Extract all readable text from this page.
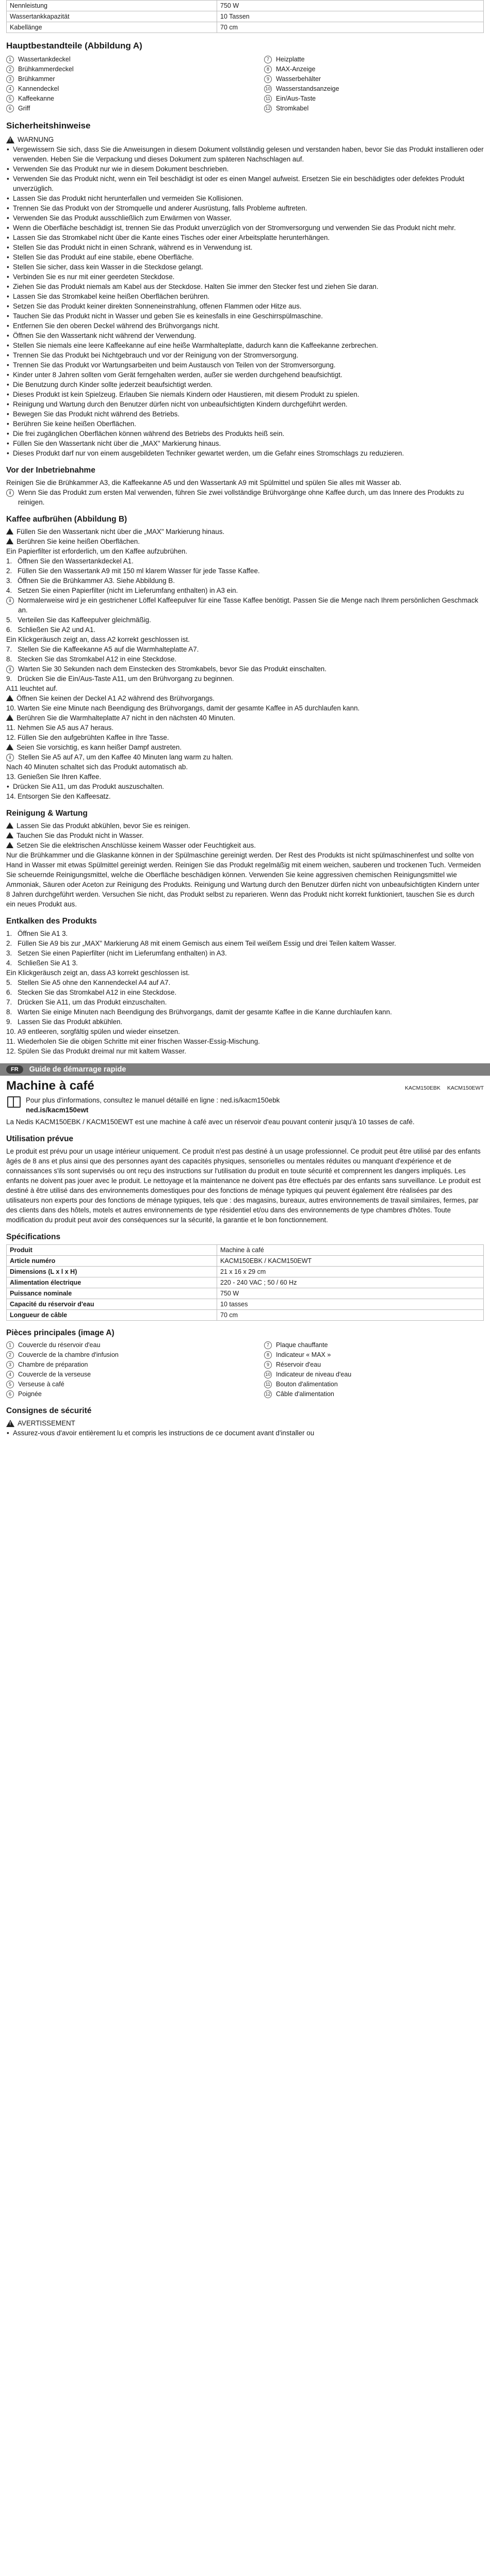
Nennleistung	750 W
Wassertankkapazität	10 Tassen
Kabellänge	70 cm
Hauptbestandteile (Abbildung A)
1	Wassertankdeckel	7	Heizplatte
2	Brühkammerdeckel	8	MAX-Anzeige
3	Brühkammer	9	Wasserbehälter
4	Kannendeckel	10 Wasserstandsanzeige
5	Kaffeekanne	11 Ein/Aus-Taste
6	Griff	12 Stromkabel
Sicherheitshinweise
! WARNUNG
• Vergewissern Sie sich, dass Sie die Anweisungen in diesem Dokument vollständig gelesen und verstanden haben, bevor Sie das Produkt installieren oder verwenden. Heben Sie die Verpackung und dieses Dokument zum späteren Nachschlagen auf.
• Verwenden Sie das Produkt nur wie in diesem Dokument beschrieben.
• Verwenden Sie das Produkt nicht, wenn ein Teil beschädigt ist oder es einen Mangel aufweist. Ersetzen Sie ein beschädigtes oder defektes Produkt unverzüglich.
• Lassen Sie das Produkt nicht herunterfallen und vermeiden Sie Kollisionen.
• Trennen Sie das Produkt von der Stromquelle und anderer Ausrüstung, falls Probleme auftreten.
• Verwenden Sie das Produkt ausschließlich zum Erwärmen von Wasser.
• Wenn die Oberfläche beschädigt ist, trennen Sie das Produkt unverzüglich von der Stromversorgung und verwenden Sie das Produkt nicht mehr.
• Lassen Sie das Stromkabel nicht über die Kante eines Tisches oder einer Arbeitsplatte herunterhängen.
• Stellen Sie das Produkt nicht in einen Schrank, während es in Verwendung ist.
• Stellen Sie das Produkt auf eine stabile, ebene Oberfläche.
• Stellen Sie sicher, dass kein Wasser in die Steckdose gelangt.
• Verbinden Sie es nur mit einer geerdeten Steckdose.
• Ziehen Sie das Produkt niemals am Kabel aus der Steckdose. Halten Sie immer den Stecker fest und ziehen Sie daran.
• Lassen Sie das Stromkabel keine heißen Oberflächen berühren.
• Setzen Sie das Produkt keiner direkten Sonneneinstrahlung, offenen Flammen oder Hitze aus.
• Tauchen Sie das Produkt nicht in Wasser und geben Sie es keinesfalls in eine Geschirrspülmaschine.
• Entfernen Sie den oberen Deckel während des Brühvorgangs nicht.
• Öffnen Sie den Wassertank nicht während der Verwendung.
• Stellen Sie niemals eine leere Kaffeekanne auf eine heiße Warmhalteplatte, dadurch kann die Kaffeekanne zerbrechen.
• Trennen Sie das Produkt bei Nichtgebrauch und vor der Reinigung von der Stromversorgung.
• Trennen Sie das Produkt vor Wartungsarbeiten und beim Austausch von Teilen von der Stromversorgung.
• Kinder unter 8 Jahren sollten vom Gerät ferngehalten werden, außer sie werden durchgehend beaufsichtigt.
• Die Benutzung durch Kinder sollte jederzeit beaufsichtigt werden.
• Dieses Produkt ist kein Spielzeug. Erlauben Sie niemals Kindern oder Haustieren, mit diesem Produkt zu spielen.
• Reinigung und Wartung durch den Benutzer dürfen nicht von unbeaufsichtigten Kindern durchgeführt werden.
• Bewegen Sie das Produkt nicht während des Betriebs.
• Berühren Sie keine heißen Oberflächen.
• Die frei zugänglichen Oberflächen können während des Betriebs des Produkts heiß sein.
• Füllen Sie den Wassertank nicht über die „MAX" Markierung hinaus.
• Dieses Produkt darf nur von einem ausgebildeten Techniker gewartet werden, um die Gefahr eines Stromschlags zu reduzieren.
Vor der Inbetriebnahme

Reinigen Sie die Brühkammer A3, die Kaffeekanne A5 und den Wassertank A9 mit Spülmittel und spülen Sie alles mit Wasser ab.

i	Wenn Sie das Produkt zum ersten Mal verwenden, führen Sie zwei vollständige Brühvorgänge ohne Kaffee durch, um das Innere des Produkts zu reinigen.
Kaffee aufbrühen (Abbildung B)
Füllen Sie den Wassertank nicht über die „MAX" Markierung hinaus.
Berühren Sie keine heißen Oberflächen.

Ein Papierfilter ist erforderlich, um den Kaffee aufzubrühen.

1. Öffnen Sie den Wassertankdeckel A1.
2. Füllen Sie den Wassertank A9 mit 150 ml klarem Wasser für jede Tasse Kaffee.
3. Öffnen Sie die Brühkammer A3. Siehe Abbildung B.
4. Setzen Sie einen Papierfilter (nicht im Lieferumfang enthalten) in A3 ein.
i	Normalerweise wird je ein gestrichener Löffel Kaffeepulver für eine Tasse Kaffee benötigt. Passen Sie die Menge nach Ihrem persönlichen Geschmack an.
5. Verteilen Sie das Kaffeepulver gleichmäßig.
6. Schließen Sie A2 und A1.

Ein Klickgeräusch zeigt an, dass A2 korrekt geschlossen ist.

7. Stellen Sie die Kaffeekanne A5 auf die Warmhalteplatte A7.
8. Stecken Sie das Stromkabel A12 in eine Steckdose.
i	Warten Sie 30 Sekunden nach dem Einstecken des Stromkabels, bevor Sie das Produkt einschalten.
9. Drücken Sie die Ein/Aus-Taste A11, um den Brühvorgang zu beginnen.

A11 leuchtet auf.

Öffnen Sie keinen der Deckel A1 A2 während des Brühvorgangs.
10. Warten Sie eine Minute nach Beendigung des Brühvorgangs, damit der gesamte Kaffee in A5 durchlaufen kann.
Berühren Sie die Warmhalteplatte A7 nicht in den nächsten 40 Minuten.
11. Nehmen Sie A5 aus A7 heraus.
12. Füllen Sie den aufgebrühten Kaffee in Ihre Tasse.
Seien Sie vorsichtig, es kann heißer Dampf austreten.
i	Stellen Sie A5 auf A7, um den Kaffee 40 Minuten lang warm zu halten.

Nach 40 Minuten schaltet sich das Produkt automatisch ab.

13. Genießen Sie Ihren Kaffee.
• Drücken Sie A11, um das Produkt auszuschalten.
14. Entsorgen Sie den Kaffeesatz.
Reinigung & Wartung
Lassen Sie das Produkt abkühlen, bevor Sie es reinigen.
Tauchen Sie das Produkt nicht in Wasser.
Setzen Sie die elektrischen Anschlüsse keinem Wasser oder Feuchtigkeit aus.

Nur die Brühkammer und die Glaskanne können in der Spülmaschine gereinigt werden. Der Rest des Produkts ist nicht spülmaschinenfest und sollte von Hand in Wasser mit etwas Spülmittel gereinigt werden. Reinigen Sie das Produkt regelmäßig mit einem weichen, sauberen und trockenen Tuch. Vermeiden Sie scheuernde Reinigungsmittel, welche die Oberfläche beschädigen können. Verwenden Sie keine aggressiven chemischen Reinigungsmittel wie Ammoniak, Säuren oder Aceton zur Reinigung des Produkts. Reinigung und Wartung durch den Benutzer dürfen nicht von unbeaufsichtigten Kindern unter 8 Jahren durchgeführt werden. Versuchen Sie nicht, das Produkt selbst zu reparieren. Wenn das Produkt nicht korrekt funktioniert, tauschen Sie es durch ein neues Produkt aus.

Entkalken des Produkts
1. Öffnen Sie A1 3.
2. Füllen Sie A9 bis zur „MAX" Markierung A8 mit einem Gemisch aus einem Teil weißem Essig und drei Teilen kaltem Wasser.
3. Setzen Sie einen Papierfilter (nicht im Lieferumfang enthalten) in A3.
4. Schließen Sie A1 3.

Ein Klickgeräusch zeigt an, dass A3 korrekt geschlossen ist.

5. Stellen Sie A5 ohne den Kannendeckel A4 auf A7.
6. Stecken Sie das Stromkabel A12 in eine Steckdose.
7. Drücken Sie A11, um das Produkt einzuschalten.
8. Warten Sie einige Minuten nach Beendigung des Brühvorgangs, damit der gesamte Kaffee in die Kanne durchlaufen kann.
9. Lassen Sie das Produkt abkühlen.
10. A9 entleeren, sorgfältig spülen und wieder einsetzen.
11. Wiederholen Sie die obigen Schritte mit einer frischen Wasser-Essig-Mischung.
12. Spülen Sie das Produkt dreimal nur mit kaltem Wasser.
FR	Guide de démarrage rapide
Machine à café	KACM150EBK KACM150EWT
Pour plus d'informations, consultez le manuel détaillé en ligne : ned.is/kacm150ebk
ned.is/kacm150ewt

La Nedis KACM150EBK / KACM150EWT est une machine à café avec un réservoir d'eau pouvant contenir jusqu'à 10 tasses de café.

Utilisation prévue

Le produit est prévu pour un usage intérieur uniquement. Ce produit n'est pas destiné à un usage professionnel. Ce produit peut être utilisé par des enfants âgés de 8 ans et plus ainsi que des personnes ayant des capacités physiques, sensorielles ou mentales réduites ou manquant d'expérience et de connaissances s'ils sont supervisés ou ont reçu des instructions sur l'utilisation du produit en toute sécurité et comprennent les dangers impliqués. Les enfants ne doivent pas jouer avec le produit. Le nettoyage et la maintenance ne doivent pas être effectués par des enfants sans surveillance. Le produit est destiné à être utilisé dans des environnements domestiques pour des fonctions de ménage typiques qui peuvent également être réalisées par des utilisateurs non experts pour des fonctions de ménage typiques, tels que : des magasins, bureaux, autres environnements de travail similaires, fermes, par des clients dans des hôtels, motels et autres environnements de type résidentiel et/ou dans des environnements de type chambres d'hôtes. Toute modification du produit peut avoir des conséquences sur la sécurité, la garantie et le bon fonctionnement.

Spécifications
Produit	Machine à café
Article numéro	KACM150EBK / KACM150EWT
Dimensions (L x l x H)	21 x 16 x 29 cm
Alimentation électrique	220 - 240 VAC ; 50 / 60 Hz
Puissance nominale	750 W
Capacité du réservoir d'eau	10 tasses
Longueur de câble	70 cm
Pièces principales (image A)
1	Couvercle du réservoir d'eau	7	Plaque chauffante
2	Couvercle de la chambre d'infusion	8	Indicateur « MAX »
3	Chambre de préparation	9	Réservoir d'eau
4	Couvercle de la verseuse	10 Indicateur de niveau d'eau
5	Verseuse à café	11 Bouton d'alimentation
6	Poignée	12 Câble d'alimentation
Consignes de sécurité
! AVERTISSEMENT
• Assurez-vous d'avoir entièrement lu et compris les instructions de ce document avant d'installer ou
